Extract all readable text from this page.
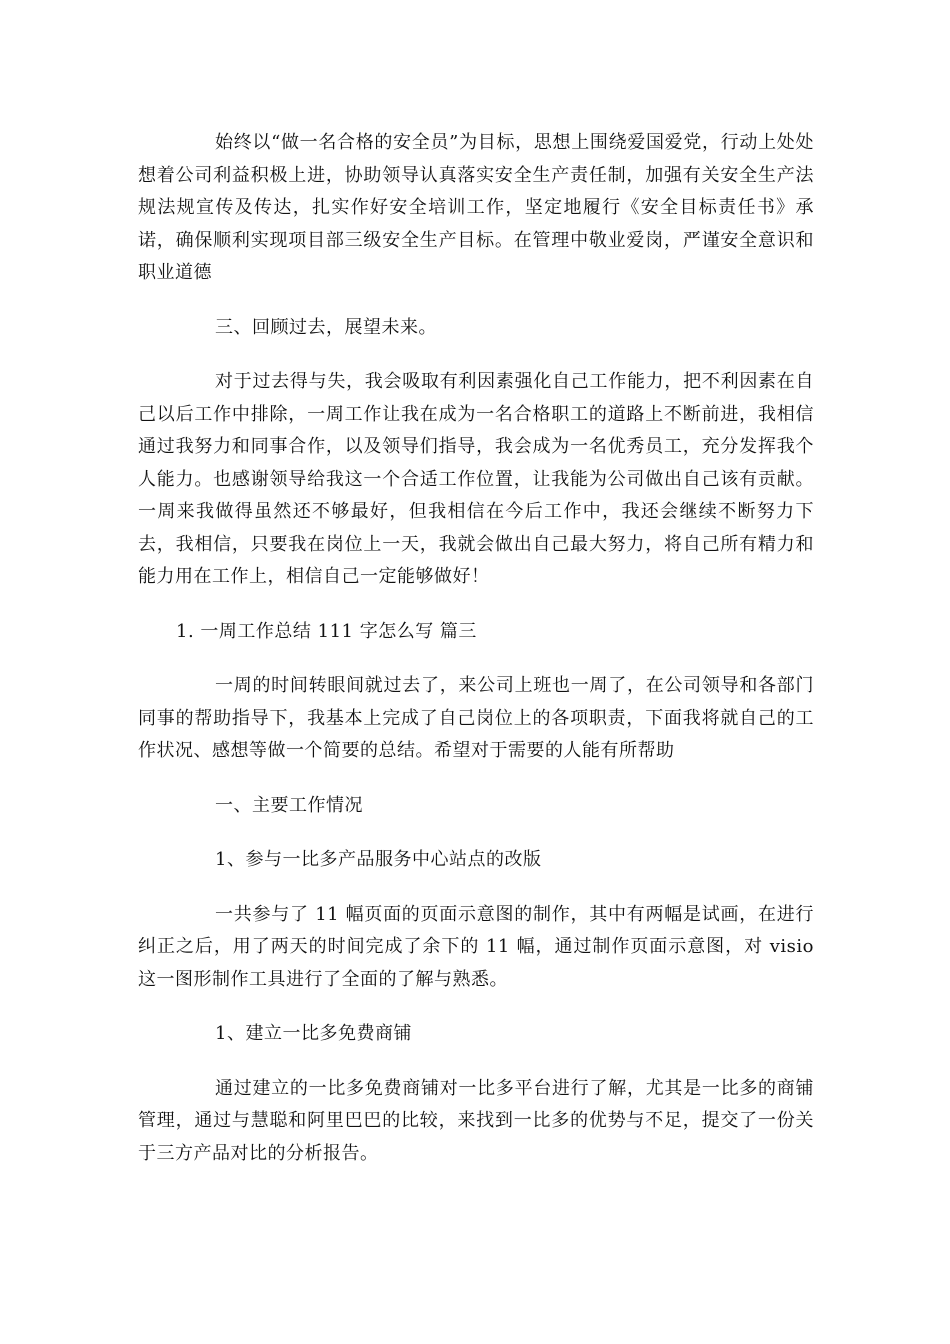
始终以“做一名合格的安全员”为目标，思想上围绕爱国爱党，行动上处处想着公司利益积极上进，协助领导认真落实安全生产责任制，加强有关安全生产法规法规宣传及传达，扎实作好安全培训工作，坚定地履行《安全目标责任书》承诺，确保顺利实现项目部三级安全生产目标。在管理中敬业爱岗，严谨安全意识和职业道德

三、回顾过去，展望未来。

对于过去得与失，我会吸取有利因素强化自己工作能力，把不利因素在自己以后工作中排除，一周工作让我在成为一名合格职工的道路上不断前进，我相信通过我努力和同事合作，以及领导们指导，我会成为一名优秀员工，充分发挥我个人能力。也感谢领导给我这一个合适工作位置，让我能为公司做出自己该有贡献。一周来我做得虽然还不够最好，但我相信在今后工作中，我还会继续不断努力下去，我相信，只要我在岗位上一天，我就会做出自己最大努力，将自己所有精力和能力用在工作上，相信自己一定能够做好！

1. 一周工作总结 111 字怎么写 篇三

一周的时间转眼间就过去了，来公司上班也一周了，在公司领导和各部门同事的帮助指导下，我基本上完成了自己岗位上的各项职责，下面我将就自己的工作状况、感想等做一个简要的总结。希望对于需要的人能有所帮助

一、主要工作情况

1、参与一比多产品服务中心站点的改版

一共参与了 11 幅页面的页面示意图的制作，其中有两幅是试画，在进行纠正之后，用了两天的时间完成了余下的 11 幅，通过制作页面示意图，对 visio 这一图形制作工具进行了全面的了解与熟悉。

1、建立一比多免费商铺

通过建立的一比多免费商铺对一比多平台进行了解，尤其是一比多的商铺管理，通过与慧聪和阿里巴巴的比较，来找到一比多的优势与不足，提交了一份关于三方产品对比的分析报告。
